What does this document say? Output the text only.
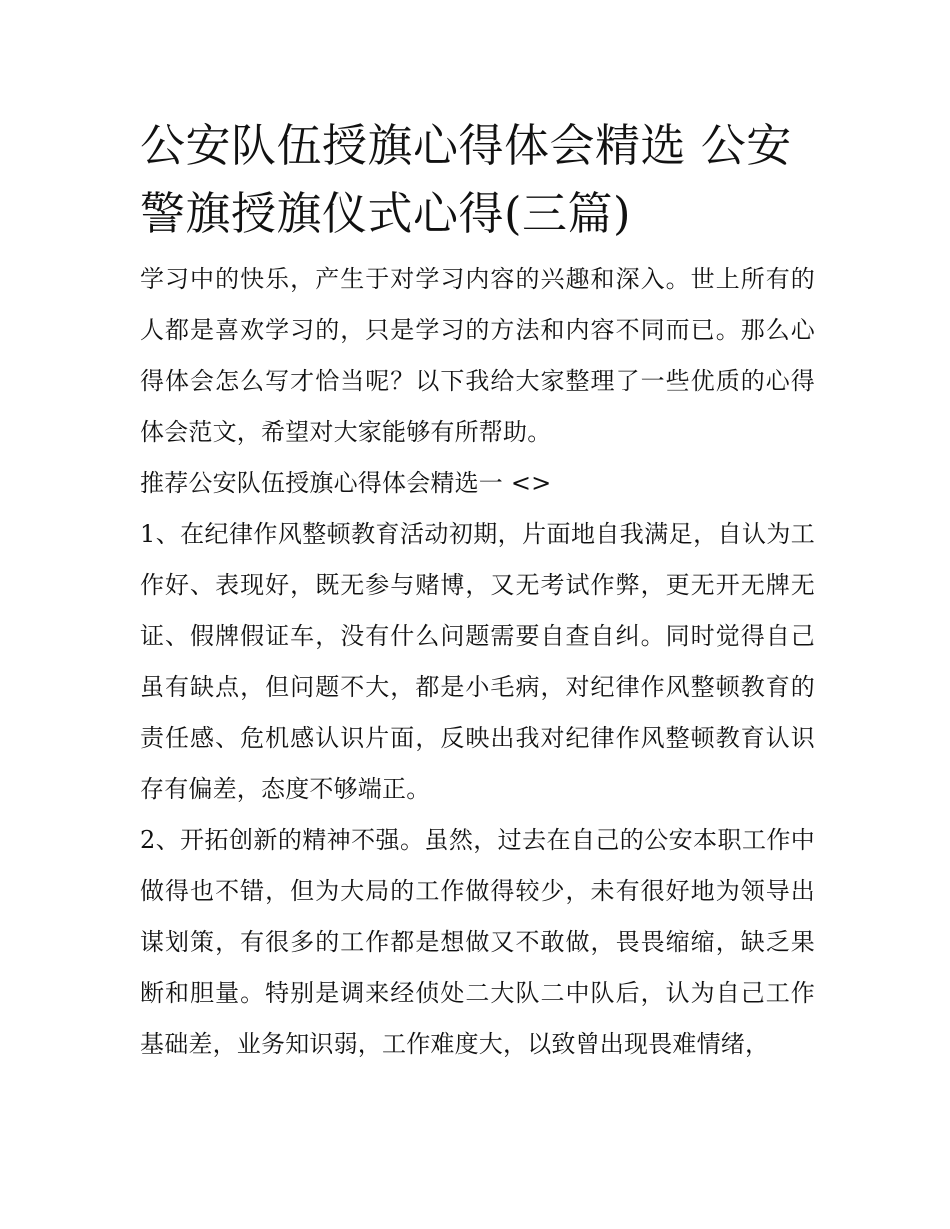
公安队伍授旗心得体会精选 公安警旗授旗仪式心得(三篇)

学习中的快乐，产生于对学习内容的兴趣和深入。世上所有的人都是喜欢学习的，只是学习的方法和内容不同而已。那么心得体会怎么写才恰当呢？以下我给大家整理了一些优质的心得体会范文，希望对大家能够有所帮助。

推荐公安队伍授旗心得体会精选一 <>

1、在纪律作风整顿教育活动初期，片面地自我满足，自认为工作好、表现好，既无参与赌博，又无考试作弊，更无开无牌无证、假牌假证车，没有什么问题需要自查自纠。同时觉得自己虽有缺点，但问题不大，都是小毛病，对纪律作风整顿教育的责任感、危机感认识片面，反映出我对纪律作风整顿教育认识存有偏差，态度不够端正。

2、开拓创新的精神不强。虽然，过去在自己的公安本职工作中做得也不错，但为大局的工作做得较少，未有很好地为领导出谋划策，有很多的工作都是想做又不敢做，畏畏缩缩，缺乏果断和胆量。特别是调来经侦处二大队二中队后，认为自己工作基础差，业务知识弱，工作难度大，以致曾出现畏难情绪，
